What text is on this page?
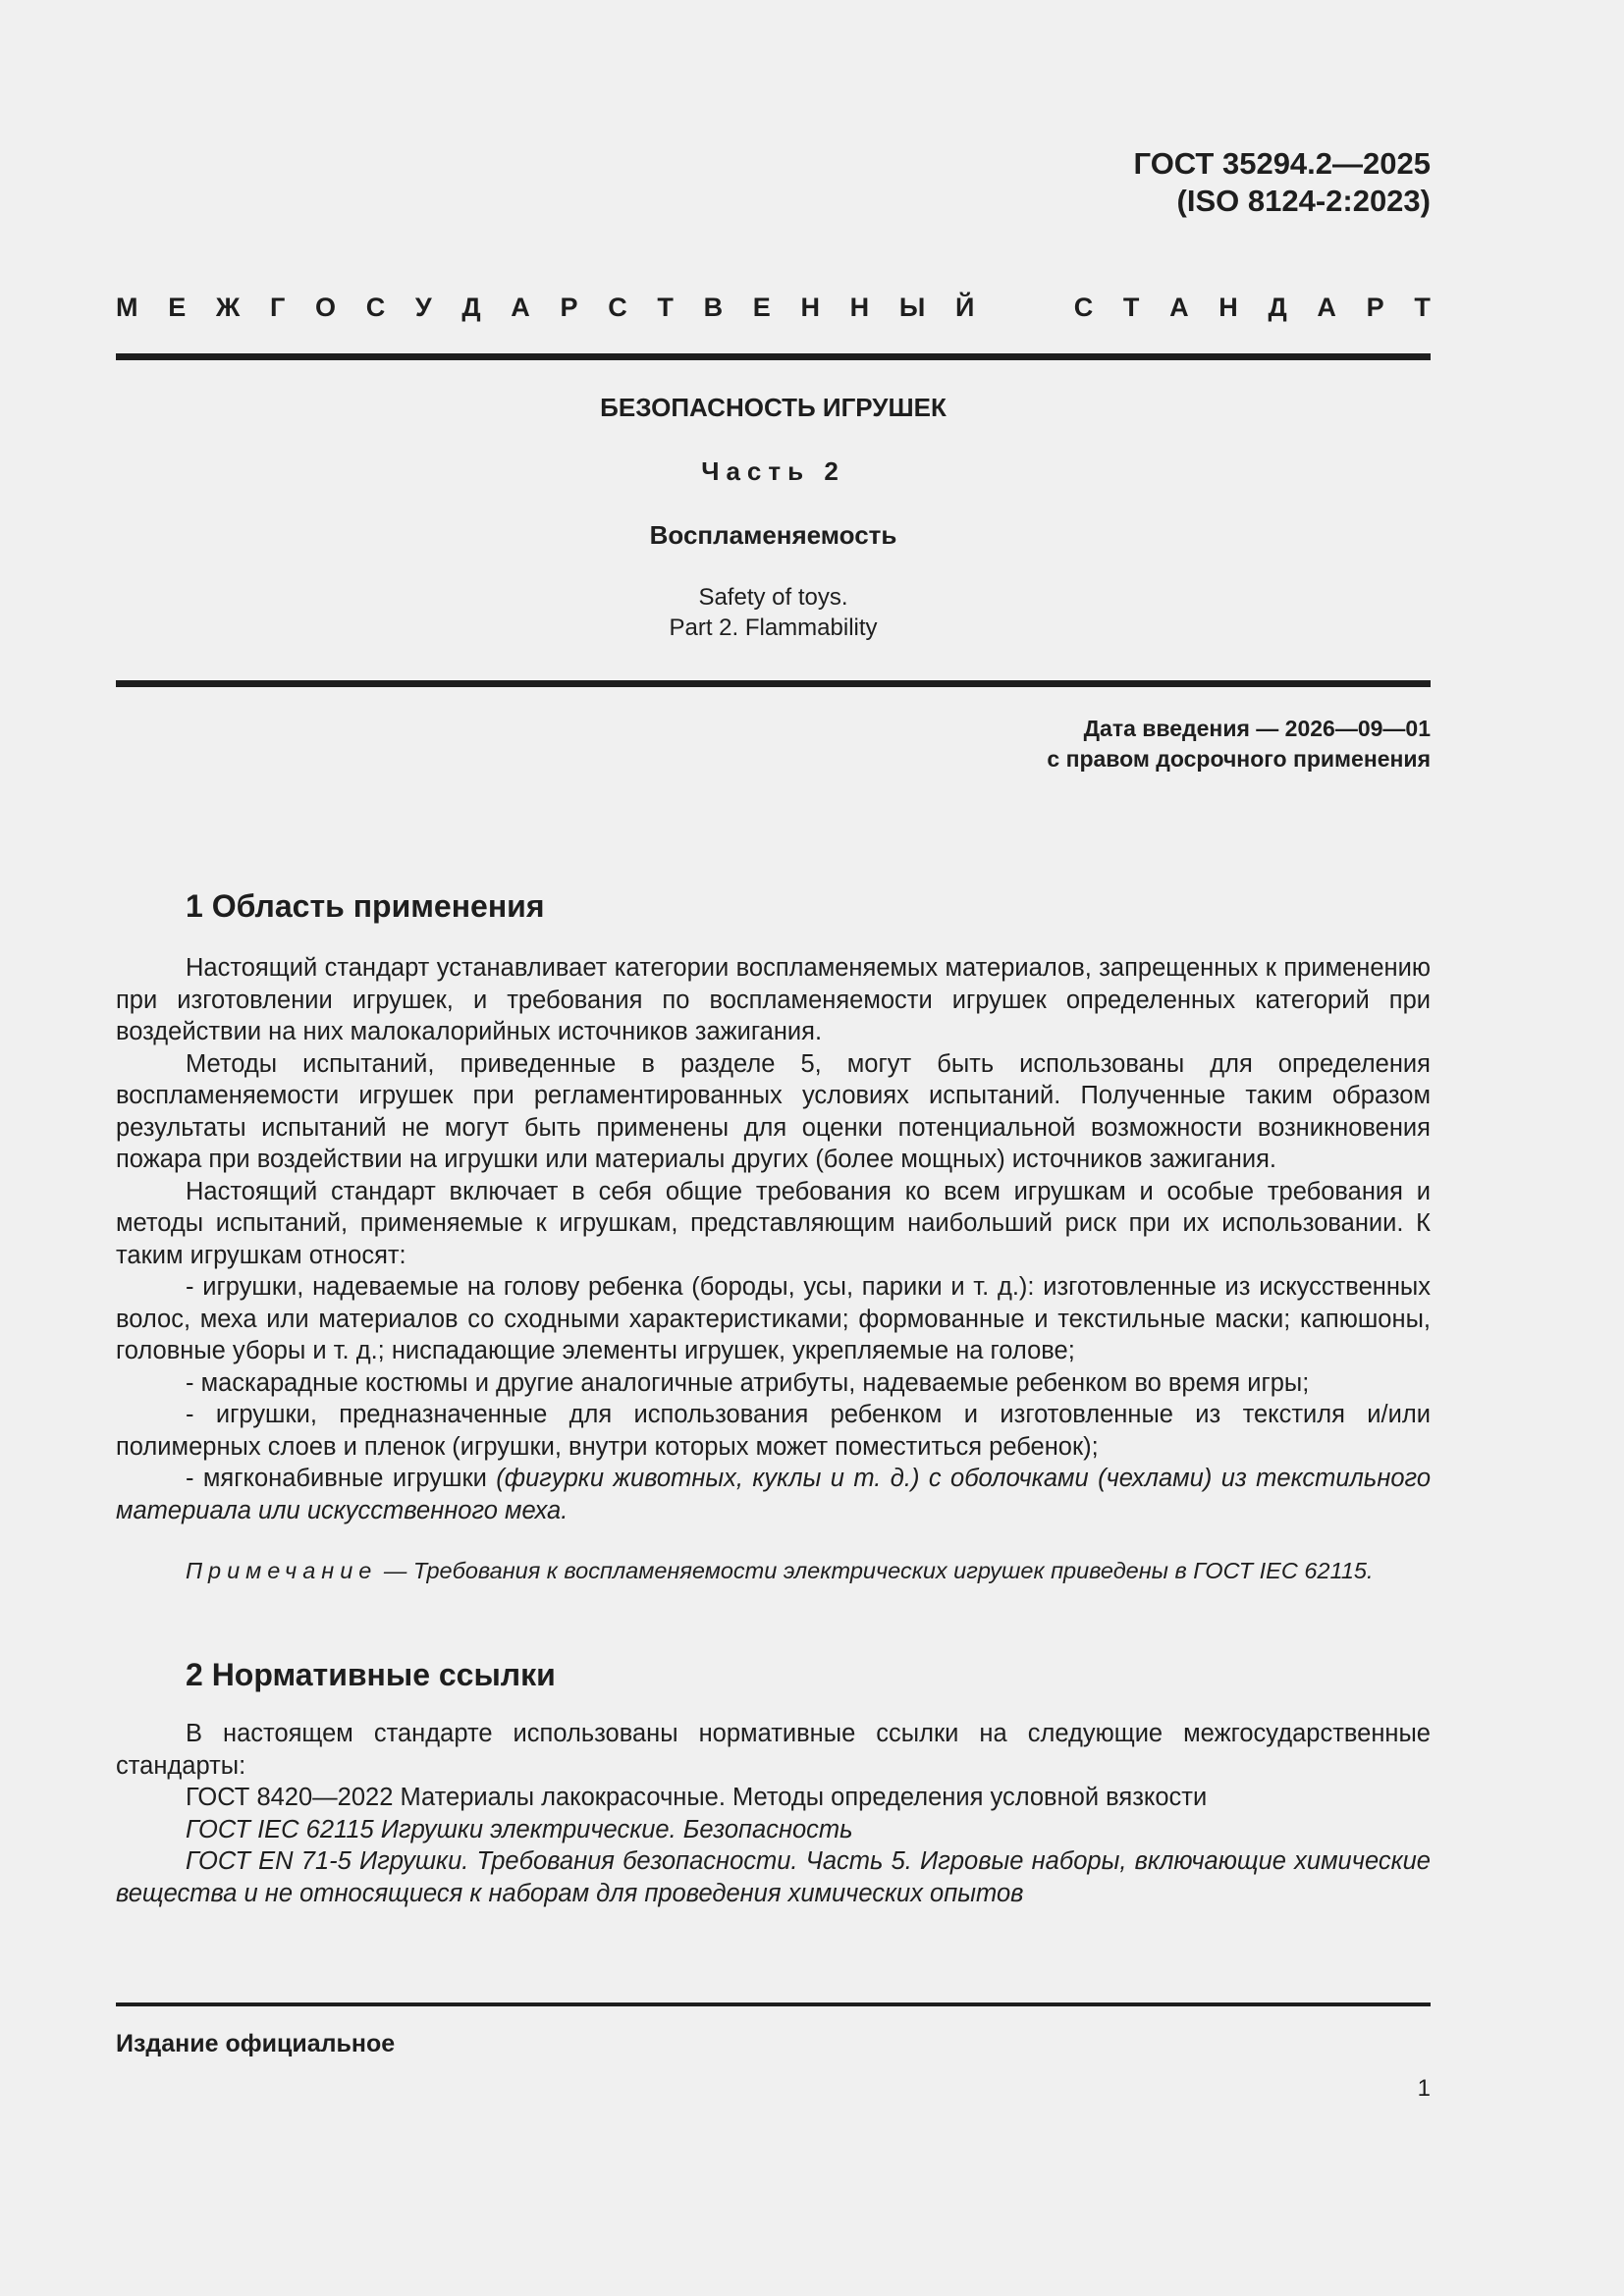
ГОСТ 35294.2—2025
(ISO 8124-2:2023)
М Е Ж Г О С У Д А Р С Т В Е Н Н Ы Й	С Т А Н Д А Р Т
БЕЗОПАСНОСТЬ ИГРУШЕК
Часть 2
Воспламеняемость
Safety of toys.
Part 2. Flammability
Дата введения — 2026—09—01
с правом досрочного применения
1 Область применения

Настоящий стандарт устанавливает категории воспламеняемых материалов, запрещенных к применению при изготовлении игрушек, и требования по воспламеняемости игрушек определенных категорий при воздействии на них малокалорийных источников зажигания.

Методы испытаний, приведенные в разделе 5, могут быть использованы для определения воспламеняемости игрушек при регламентированных условиях испытаний. Полученные таким образом результаты испытаний не могут быть применены для оценки потенциальной возможности возникновения пожара при воздействии на игрушки или материалы других (более мощных) источников зажигания.

Настоящий стандарт включает в себя общие требования ко всем игрушкам и особые требования и методы испытаний, применяемые к игрушкам, представляющим наибольший риск при их использовании. К таким игрушкам относят:

- игрушки, надеваемые на голову ребенка (бороды, усы, парики и т. д.): изготовленные из искусственных волос, меха или материалов со сходными характеристиками; формованные и текстильные маски; капюшоны, головные уборы и т. д.; ниспадающие элементы игрушек, укрепляемые на голове;

- маскарадные костюмы и другие аналогичные атрибуты, надеваемые ребенком во время игры;

- игрушки, предназначенные для использования ребенком и изготовленные из текстиля и/или полимерных слоев и пленок (игрушки, внутри которых может поместиться ребенок);

- мягконабивные игрушки (фигурки животных, куклы и т. д.) с оболочками (чехлами) из текстильного материала или искусственного меха.

Примечание — Требования к воспламеняемости электрических игрушек приведены в ГОСТ IEC 62115.
2 Нормативные ссылки

В настоящем стандарте использованы нормативные ссылки на следующие межгосударственные стандарты:

ГОСТ 8420—2022 Материалы лакокрасочные. Методы определения условной вязкости

ГОСТ IEC 62115 Игрушки электрические. Безопасность

ГОСТ EN 71-5 Игрушки. Требования безопасности. Часть 5. Игровые наборы, включающие химические вещества и не относящиеся к наборам для проведения химических опытов

Издание официальное
1
